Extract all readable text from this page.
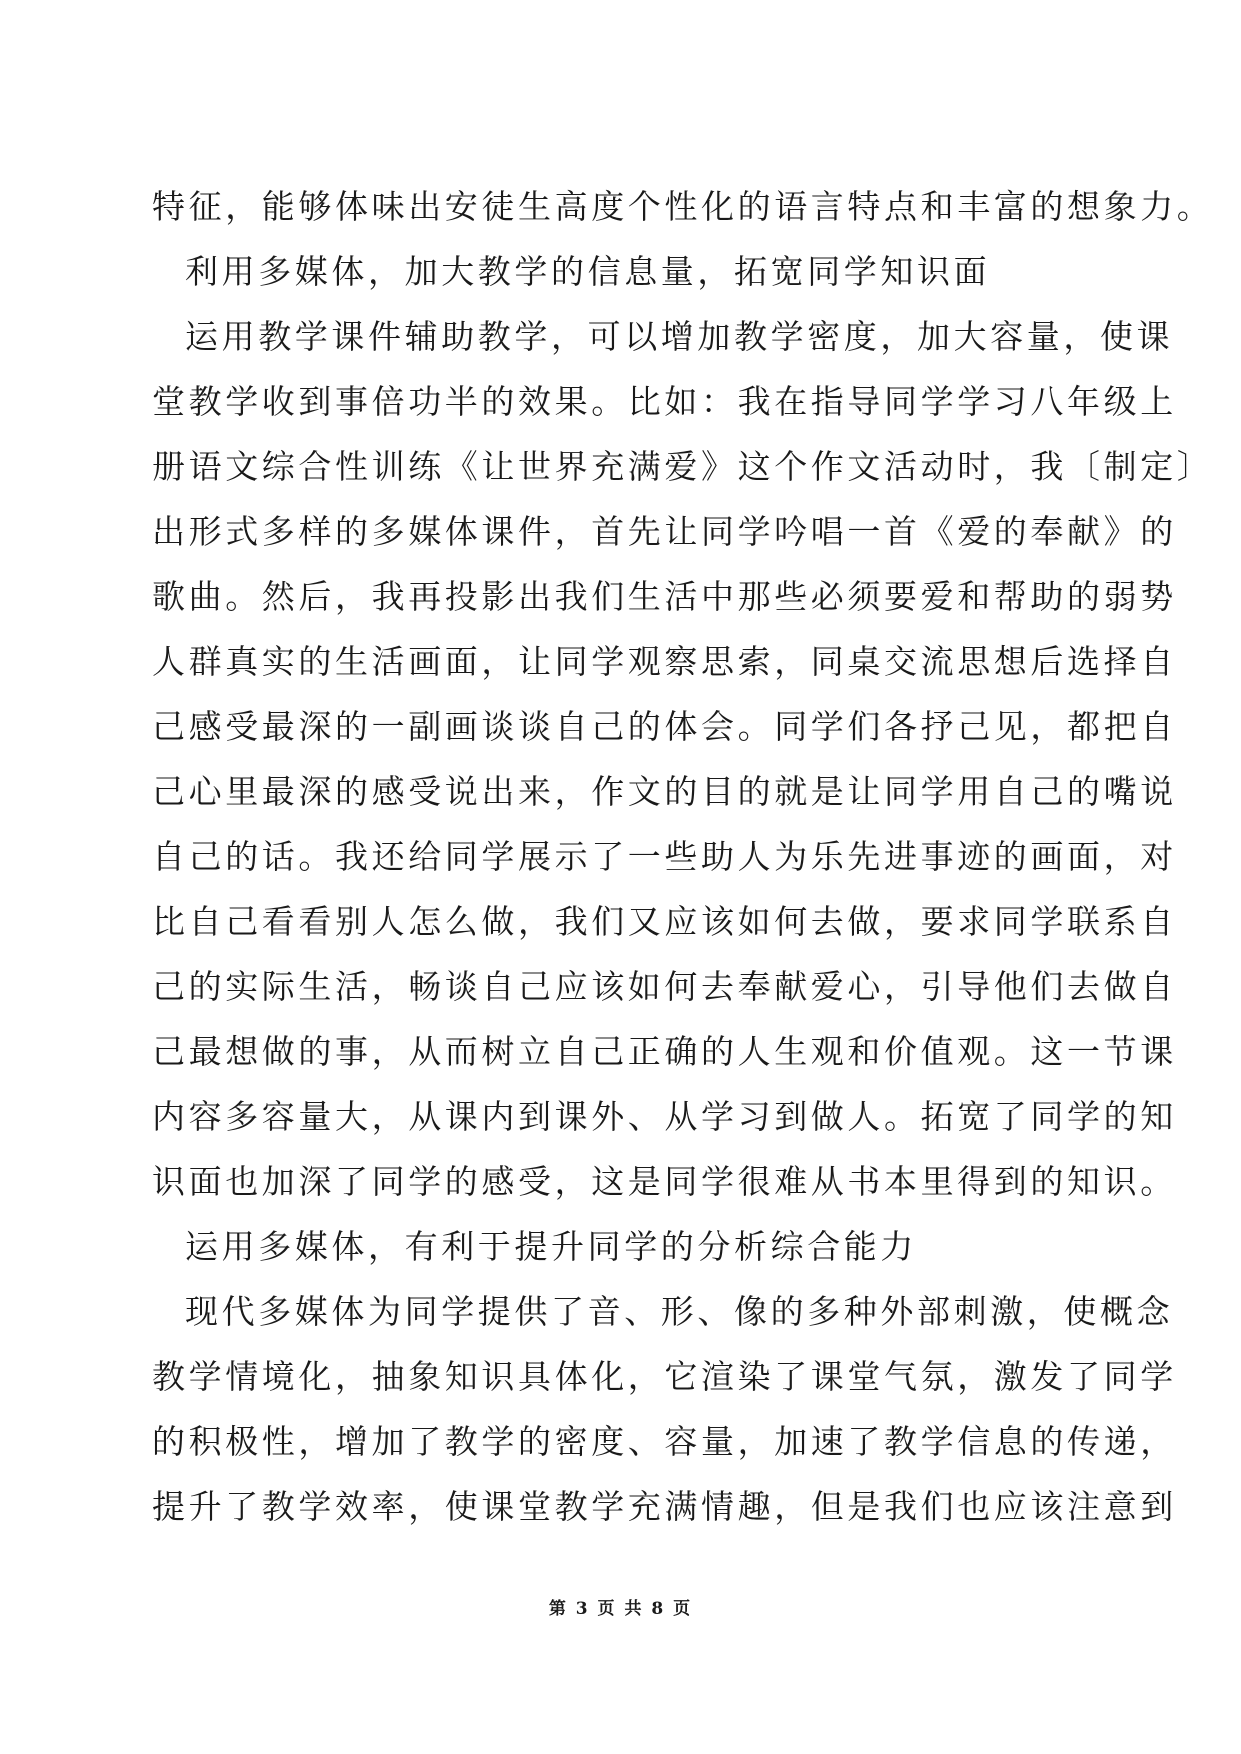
特征，能够体味出安徒生高度个性化的语言特点和丰富的想象力。
利用多媒体，加大教学的信息量，拓宽同学知识面
运用教学课件辅助教学，可以增加教学密度，加大容量，使课
堂教学收到事倍功半的效果。比如：我在指导同学学习八年级上
册语文综合性训练《让世界充满爱》这个作文活动时，我〔制定〕
出形式多样的多媒体课件，首先让同学吟唱一首《爱的奉献》的
歌曲。然后，我再投影出我们生活中那些必须要爱和帮助的弱势
人群真实的生活画面，让同学观察思索，同桌交流思想后选择自
己感受最深的一副画谈谈自己的体会。同学们各抒己见，都把自
己心里最深的感受说出来，作文的目的就是让同学用自己的嘴说
自己的话。我还给同学展示了一些助人为乐先进事迹的画面，对
比自己看看别人怎么做，我们又应该如何去做，要求同学联系自
己的实际生活，畅谈自己应该如何去奉献爱心，引导他们去做自
己最想做的事，从而树立自己正确的人生观和价值观。这一节课
内容多容量大，从课内到课外、从学习到做人。拓宽了同学的知
识面也加深了同学的感受，这是同学很难从书本里得到的知识。
运用多媒体，有利于提升同学的分析综合能力
现代多媒体为同学提供了音、形、像的多种外部刺激，使概念
教学情境化，抽象知识具体化，它渲染了课堂气氛，激发了同学
的积极性，增加了教学的密度、容量，加速了教学信息的传递，
提升了教学效率，使课堂教学充满情趣，但是我们也应该注意到
第 3 页 共 8 页
